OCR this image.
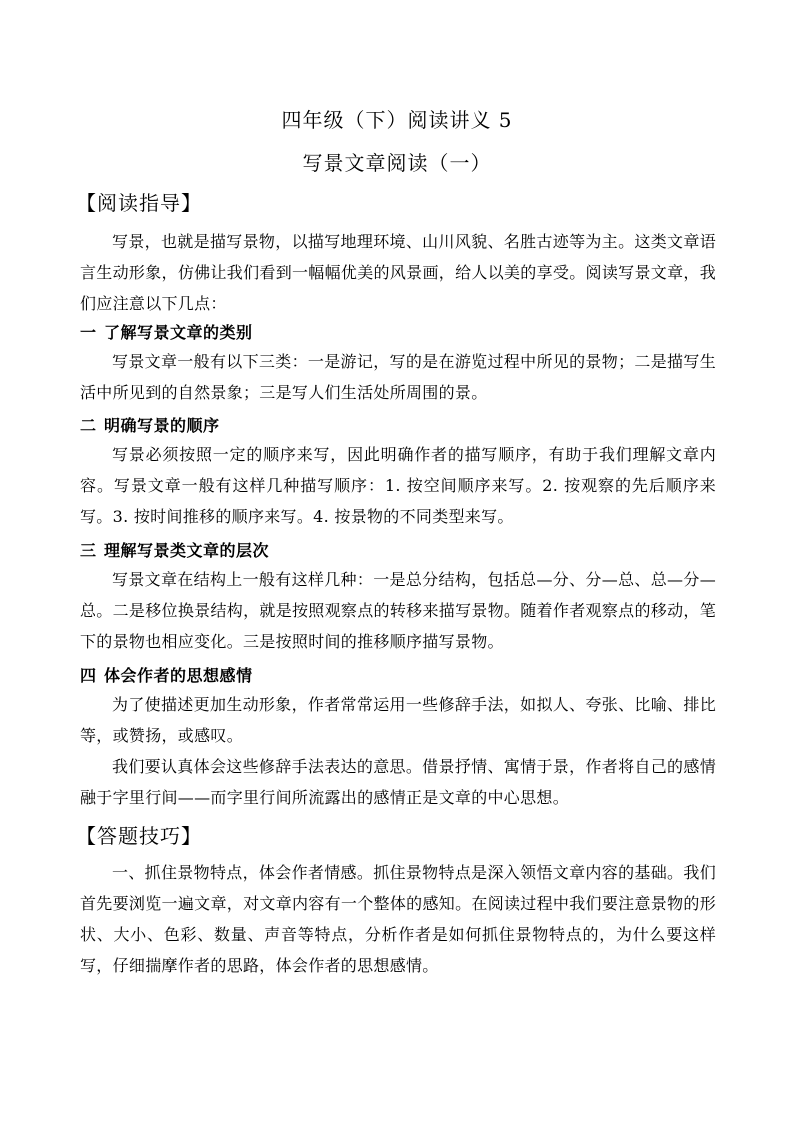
四年级（下）阅读讲义 5
写景文章阅读（一）
【阅读指导】
写景，也就是描写景物，以描写地理环境、山川风貌、名胜古迹等为主。这类文章语言生动形象，仿佛让我们看到一幅幅优美的风景画，给人以美的享受。阅读写景文章，我们应注意以下几点：
一 了解写景文章的类别
写景文章一般有以下三类：一是游记，写的是在游览过程中所见的景物；二是描写生活中所见到的自然景象；三是写人们生活处所周围的景。
二 明确写景的顺序
写景必须按照一定的顺序来写，因此明确作者的描写顺序，有助于我们理解文章内容。写景文章一般有这样几种描写顺序：1. 按空间顺序来写。2. 按观察的先后顺序来写。3. 按时间推移的顺序来写。4. 按景物的不同类型来写。
三 理解写景类文章的层次
写景文章在结构上一般有这样几种：一是总分结构，包括总—分、分—总、总—分—总。二是移位换景结构，就是按照观察点的转移来描写景物。随着作者观察点的移动，笔下的景物也相应变化。三是按照时间的推移顺序描写景物。
四 体会作者的思想感情
为了使描述更加生动形象，作者常常运用一些修辞手法，如拟人、夸张、比喻、排比等，或赞扬，或感叹。
我们要认真体会这些修辞手法表达的意思。借景抒情、寓情于景，作者将自己的感情融于字里行间——而字里行间所流露出的感情正是文章的中心思想。
【答题技巧】
一、抓住景物特点，体会作者情感。抓住景物特点是深入领悟文章内容的基础。我们首先要浏览一遍文章，对文章内容有一个整体的感知。在阅读过程中我们要注意景物的形状、大小、色彩、数量、声音等特点，分析作者是如何抓住景物特点的，为什么要这样写，仔细揣摩作者的思路，体会作者的思想感情。
